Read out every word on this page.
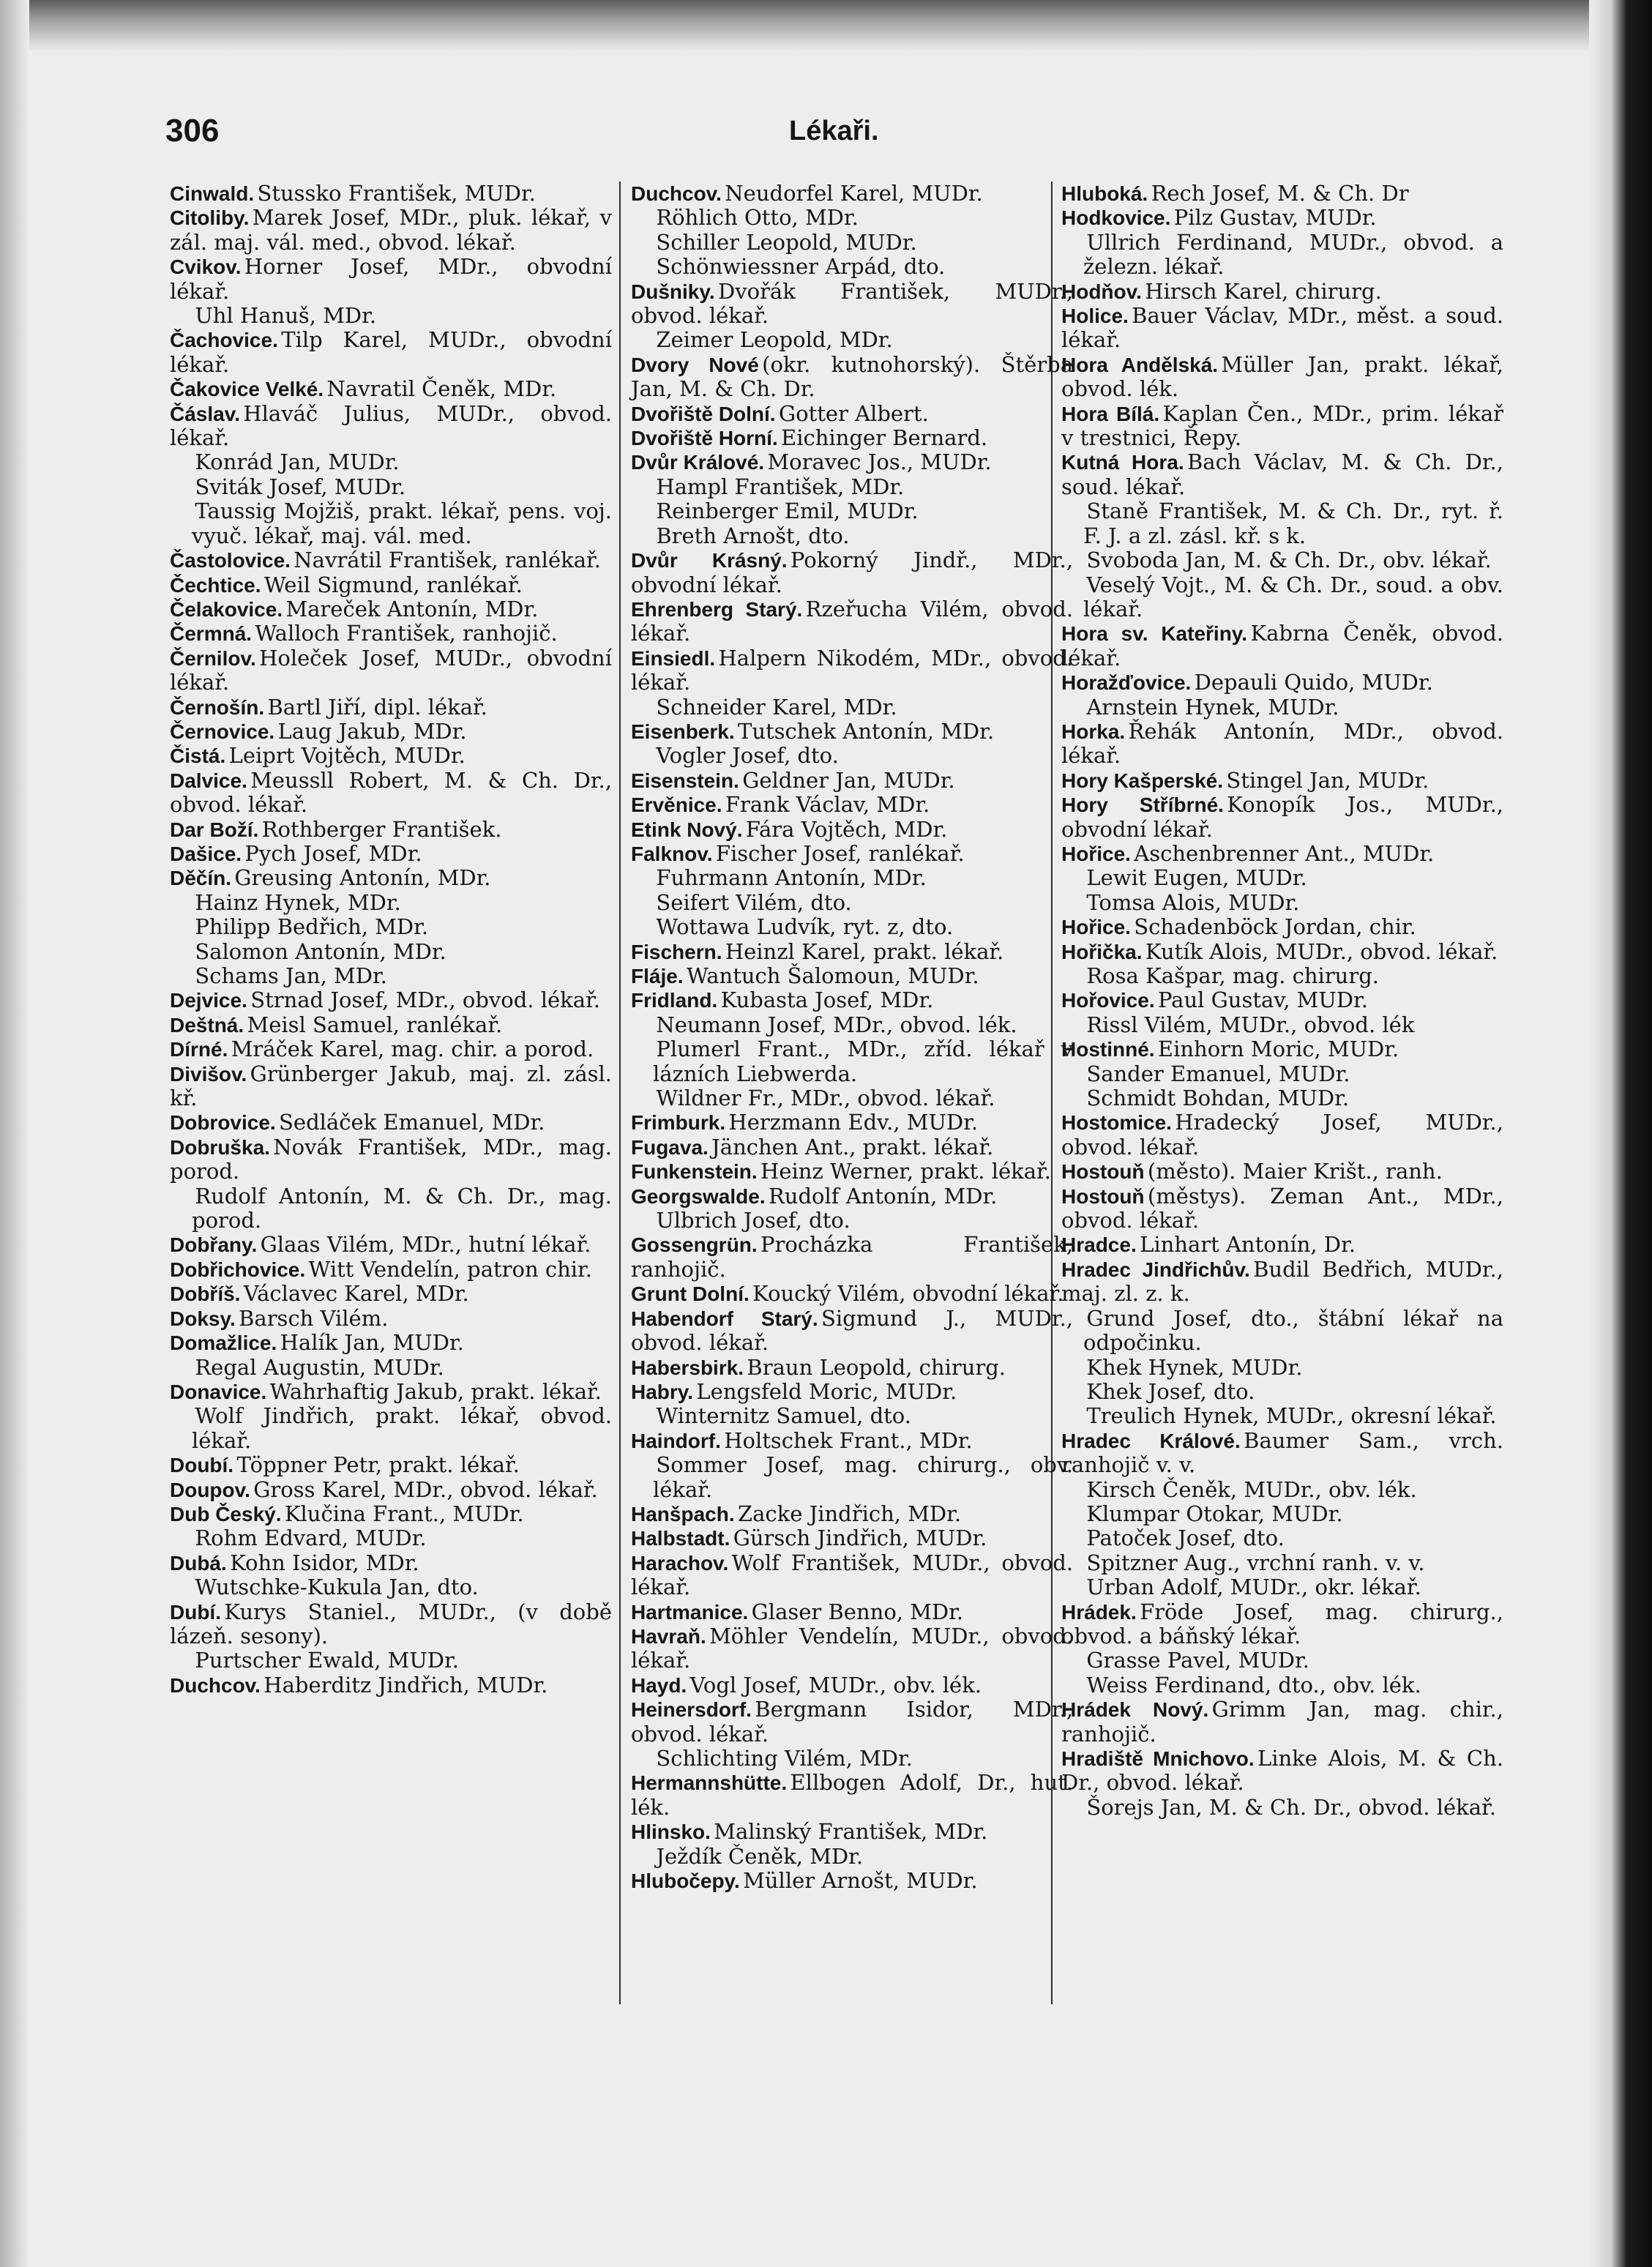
306	Lékaři.
Cinwald. Stussko František, MUDr.
Citoliby. Marek Josef, MDr., pluk. lékař, v zál. maj. vál. med., obvod. lékař.
Cvikov. Horner Josef, MDr., obvodní lékař.
Uhl Hanuš, MDr.
Čachovice. Tilp Karel, MUDr., obvodní lékař.
Čakovice Velké. Navratil Čeněk, MDr.
Čáslav. Hlaváč Julius, MUDr., obvod. lékař.
Konrád Jan, MUDr.
Sviták Josef, MUDr.
Taussig Mojžiš, prakt. lékař, pens. voj. vyuč. lékař, maj. vál. med.
Častolovice. Navrátil František, ranlékař.
Čechtice. Weil Sigmund, ranlékař.
Čelakovice. Mareček Antonín, MDr.
Čermná. Walloch František, ranhojič.
Černilov. Holeček Josef, MUDr., obvodní lékař.
Černošín. Bartl Jiří, dipl. lékař.
Černovice. Laug Jakub, MDr.
Čistá. Leiprt Vojtěch, MUDr.
Dalvice. Meussll Robert, M. & Ch. Dr., obvod. lékař.
Dar Boží. Rothberger František.
Dašice. Pych Josef, MDr.
Děčín. Greusing Antonín, MDr.
Hainz Hynek, MDr.
Philipp Bedřich, MDr.
Salomon Antonín, MDr.
Schams Jan, MDr.
Dejvice. Strnad Josef, MDr., obvod. lékař.
Deštná. Meisl Samuel, ranlékař.
Dírné. Mráček Karel, mag. chir. a porod.
Divišov. Grünberger Jakub, maj. zl. zásl. kř.
Dobrovice. Sedláček Emanuel, MDr.
Dobruška. Novák František, MDr., mag. porod.
Rudolf Antonín, M. & Ch. Dr., mag. porod.
Dobřany. Glaas Vilém, MDr., hutní lékař.
Dobřichovice. Witt Vendelín, patron chir.
Dobříš. Václavec Karel, MDr.
Doksy. Barsch Vilém.
Domažlice. Halík Jan, MUDr.
Regal Augustin, MUDr.
Donavice. Wahrhaftig Jakub, prakt. lékař.
Wolf Jindřich, prakt. lékař, obvod. lékař.
Doubí. Töppner Petr, prakt. lékař.
Doupov. Gross Karel, MDr., obvod. lékař.
Dub Český. Klučina Frant., MUDr.
Rohm Edvard, MUDr.
Dubá. Kohn Isidor, MDr.
Wutschke-Kukula Jan, dto.
Dubí. Kurys Staniel., MUDr., (v době lázeň. sesony).
Purtscher Ewald, MUDr.
Duchcov. Haberditz Jindřich, MUDr.
Duchcov. Neudorfel Karel, MUDr.
Röhlich Otto, MDr.
Schiller Leopold, MUDr.
Schönwiessner Arpád, dto.
Dušniky. Dvořák František, MUDr., obvod. lékař.
Zeimer Leopold, MDr.
Dvory Nové (okr. kutnohorský). Štěrba Jan, M. & Ch. Dr.
Dvořiště Dolní. Gotter Albert.
Dvořiště Horní. Eichinger Bernard.
Dvůr Králové. Moravec Jos., MUDr.
Hampl František, MDr.
Reinberger Emil, MUDr.
Breth Arnošt, dto.
Dvůr Krásný. Pokorný Jindř., MDr., obvodní lékař.
Ehrenberg Starý. Rzeřucha Vilém, obvod. lékař.
Einsiedl. Halpern Nikodém, MDr., obvod. lékař.
Schneider Karel, MDr.
Eisenberk. Tutschek Antonín, MDr.
Vogler Josef, dto.
Eisenstein. Geldner Jan, MUDr.
Ervěnice. Frank Václav, MDr.
Etink Nový. Fára Vojtěch, MDr.
Falknov. Fischer Josef, ranlékař.
Fuhrmann Antonín, MDr.
Seifert Vilém, dto.
Wottawa Ludvík, ryt. z, dto.
Fischern. Heinzl Karel, prakt. lékař.
Fláje. Wantuch Šalomoun, MUDr.
Fridland. Kubasta Josef, MDr.
Neumann Josef, MDr., obvod. lék.
Plumerl Frant., MDr., zříd. lékař v lázních Liebwerda.
Wildner Fr., MDr., obvod. lékař.
Frimburk. Herzmann Edv., MUDr.
Fugava. Jänchen Ant., prakt. lékař.
Funkenstein. Heinz Werner, prakt. lékař.
Georgswalde. Rudolf Antonín, MDr.
Ulbrich Josef, dto.
Gossengrün. Procházka František, ranhojič.
Grunt Dolní. Koucký Vilém, obvodní lékař.
Habendorf Starý. Sigmund J., MUDr., obvod. lékař.
Habersbirk. Braun Leopold, chirurg.
Habry. Lengsfeld Moric, MUDr.
Winternitz Samuel, dto.
Haindorf. Holtschek Frant., MDr.
Sommer Josef, mag. chirurg., obv. lékař.
Hanšpach. Zacke Jindřich, MDr.
Halbstadt. Gürsch Jindřich, MUDr.
Harachov. Wolf František, MUDr., obvod. lékař.
Hartmanice. Glaser Benno, MDr.
Havraň. Möhler Vendelín, MUDr., obvod. lékař.
Hayd. Vogl Josef, MUDr., obv. lék.
Heinersdorf. Bergmann Isidor, MDr., obvod. lékař.
Schlichting Vilém, MDr.
Hermannshütte. Ellbogen Adolf, Dr., hut. lék.
Hlinsko. Malinský František, MDr.
Ježdík Čeněk, MDr.
Hlubočepy. Müller Arnošt, MUDr.
Hluboká. Rech Josef, M. & Ch. Dr
Hodkovice. Pilz Gustav, MUDr.
Ullrich Ferdinand, MUDr., obvod. a železn. lékař.
Hodňov. Hirsch Karel, chirurg.
Holice. Bauer Václav, MDr., měst. a soud. lékař.
Hora Andělská. Müller Jan, prakt. lékař, obvod. lék.
Hora Bílá. Kaplan Čen., MDr., prim. lékař v trestnici, Řepy.
Kutná Hora. Bach Václav, M. & Ch. Dr., soud. lékař.
Staně František, M. & Ch. Dr., ryt. ř. F. J. a zl. zásl. kř. s k.
Svoboda Jan, M. & Ch. Dr., obv. lékař.
Veselý Vojt., M. & Ch. Dr., soud. a obv. lékař.
Hora sv. Kateřiny. Kabrna Čeněk, obvod. lékař.
Horažďovice. Depauli Quido, MUDr.
Arnstein Hynek, MUDr.
Horka. Řehák Antonín, MDr., obvod. lékař.
Hory Kašperské. Stingel Jan, MUDr.
Hory Stříbrné. Konopík Jos., MUDr., obvodní lékař.
Hořice. Aschenbrenner Ant., MUDr.
Lewit Eugen, MUDr.
Tomsa Alois, MUDr.
Hořice. Schadenböck Jordan, chir.
Hořička. Kutík Alois, MUDr., obvod. lékař.
Rosa Kašpar, mag. chirurg.
Hořovice. Paul Gustav, MUDr.
Rissl Vilém, MUDr., obvod. lék
Hostinné. Einhorn Moric, MUDr.
Sander Emanuel, MUDr.
Schmidt Bohdan, MUDr.
Hostomice. Hradecký Josef, MUDr., obvod. lékař.
Hostouň (město). Maier Krišt., ranh.
Hostouň (městys). Zeman Ant., MDr., obvod. lékař.
Hradce. Linhart Antonín, Dr.
Hradec Jindřichův. Budil Bedřich, MUDr., maj. zl. z. k.
Grund Josef, dto., štábní lékař na odpočinku.
Khek Hynek, MUDr.
Khek Josef, dto.
Treulich Hynek, MUDr., okresní lékař.
Hradec Králové. Baumer Sam., vrch. ranhojič v. v.
Kirsch Čeněk, MUDr., obv. lék.
Klumpar Otokar, MUDr.
Patoček Josef, dto.
Spitzner Aug., vrchní ranh. v. v.
Urban Adolf, MUDr., okr. lékař.
Hrádek. Fröde Josef, mag. chirurg., obvod. a báňský lékař.
Grasse Pavel, MUDr.
Weiss Ferdinand, dto., obv. lék.
Hrádek Nový. Grimm Jan, mag. chir., ranhojič.
Hradiště Mnichovo. Linke Alois, M. & Ch. Dr., obvod. lékař.
Šorejs Jan, M. & Ch. Dr., obvod. lékař.
